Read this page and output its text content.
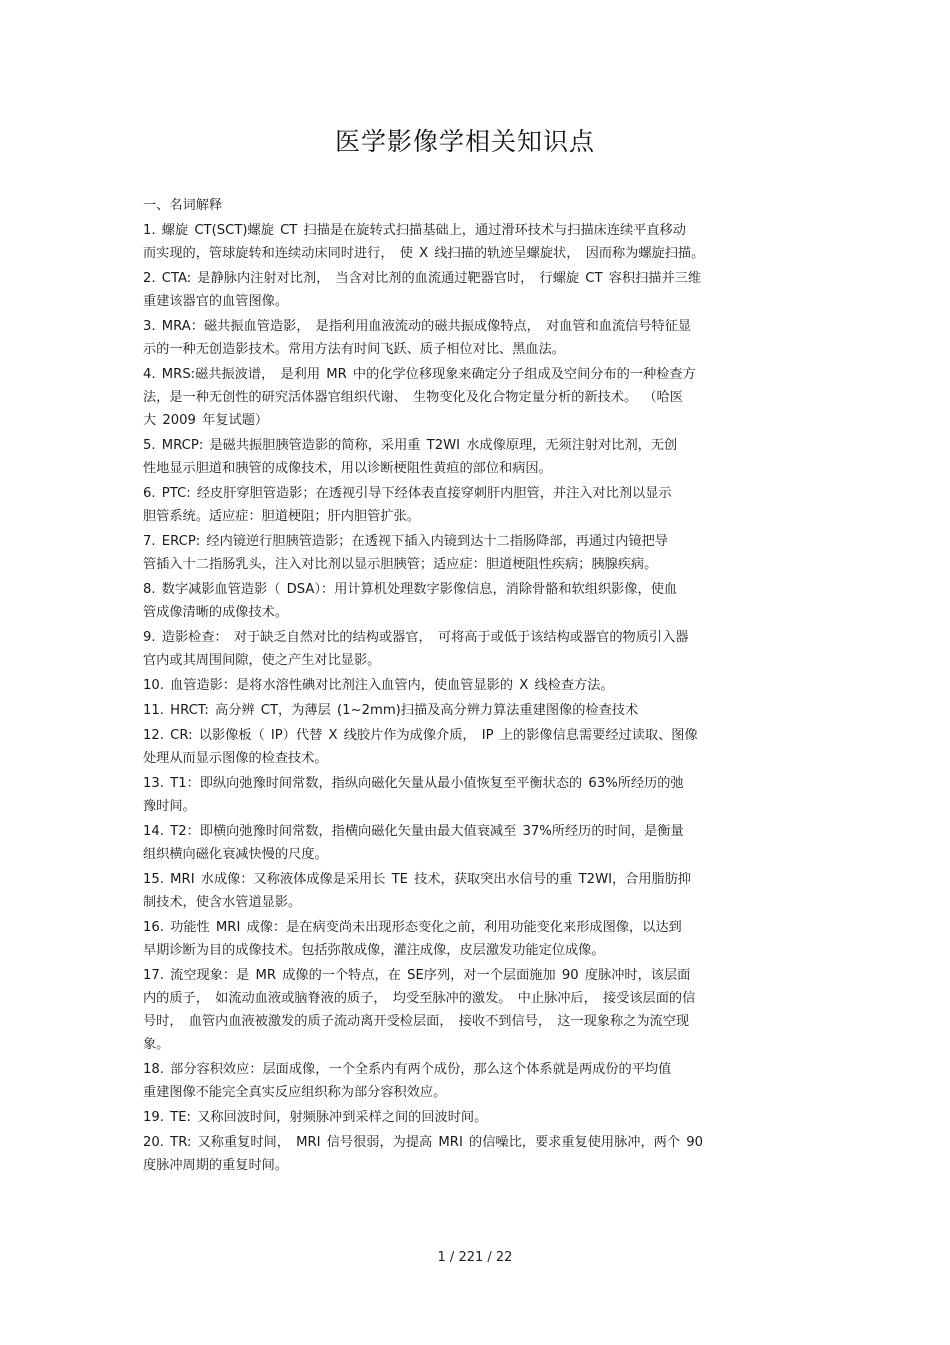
医学影像学相关知识点
一、名词解释
1. 螺旋 CT(SCT)螺旋 CT 扫描是在旋转式扫描基础上，通过滑环技术与扫描床连续平直移动
而实现的，管球旋转和连续动床同时进行， 使 X 线扫描的轨迹呈螺旋状， 因而称为螺旋扫描。
2. CTA: 是静脉内注射对比剂， 当含对比剂的血流通过靶器官时， 行螺旋 CT 容积扫描并三维
重建该器官的血管图像。
3. MRA：磁共振血管造影， 是指利用血液流动的磁共振成像特点， 对血管和血流信号特征显
示的一种无创造影技术。常用方法有时间飞跃、质子相位对比、黑血法。
4. MRS:磁共振波谱， 是利用 MR 中的化学位移现象来确定分子组成及空间分布的一种检查方
法，是一种无创性的研究活体器官组织代谢、 生物变化及化合物定量分析的新技术。 （哈医
大 2009 年复试题）
5. MRCP: 是磁共振胆胰管造影的简称，采用重 T2WI 水成像原理，无须注射对比剂，无创
性地显示胆道和胰管的成像技术，用以诊断梗阻性黄疸的部位和病因。
6. PTC: 经皮肝穿胆管造影；在透视引导下经体表直接穿刺肝内胆管，并注入对比剂以显示
胆管系统。适应症：胆道梗阻；肝内胆管扩张。
7. ERCP: 经内镜逆行胆胰管造影；在透视下插入内镜到达十二指肠降部，再通过内镜把导
管插入十二指肠乳头，注入对比剂以显示胆胰管；适应症：胆道梗阻性疾病；胰腺疾病。
8. 数字减影血管造影（ DSA）：用计算机处理数字影像信息，消除骨骼和软组织影像，使血
管成像清晰的成像技术。
9. 造影检查： 对于缺乏自然对比的结构或器官， 可将高于或低于该结构或器官的物质引入器
官内或其周围间隙，使之产生对比显影。
10. 血管造影：是将水溶性碘对比剂注入血管内，使血管显影的 X 线检查方法。
11. HRCT: 高分辨 CT，为薄层 (1~2mm)扫描及高分辨力算法重建图像的检查技术
12. CR: 以影像板（ IP）代替 X 线胶片作为成像介质， IP 上的影像信息需要经过读取、图像
处理从而显示图像的检查技术。
13. T1：即纵向弛豫时间常数，指纵向磁化矢量从最小值恢复至平衡状态的 63%所经历的弛
豫时间。
14. T2：即横向弛豫时间常数，指横向磁化矢量由最大值衰减至 37%所经历的时间，是衡量
组织横向磁化衰减快慢的尺度。
15. MRI 水成像：又称液体成像是采用长 TE 技术，获取突出水信号的重 T2WI，合用脂肪抑
制技术，使含水管道显影。
16. 功能性 MRI 成像：是在病变尚未出现形态变化之前，利用功能变化来形成图像，以达到
早期诊断为目的成像技术。包括弥散成像，灌注成像，皮层激发功能定位成像。
17. 流空现象：是 MR 成像的一个特点，在 SE序列，对一个层面施加 90 度脉冲时，该层面
内的质子， 如流动血液或脑脊液的质子， 均受至脉冲的激发。 中止脉冲后， 接受该层面的信
号时， 血管内血液被激发的质子流动离开受检层面， 接收不到信号， 这一现象称之为流空现
象。
18. 部分容积效应：层面成像，一个全系内有两个成份，那么这个体系就是两成份的平均值
重建图像不能完全真实反应组织称为部分容积效应。
19. TE: 又称回波时间，射频脉冲到采样之间的回波时间。
20. TR: 又称重复时间， MRI 信号很弱，为提高 MRI 的信噪比，要求重复使用脉冲，两个 90
度脉冲周期的重复时间。
1 / 221 / 22
